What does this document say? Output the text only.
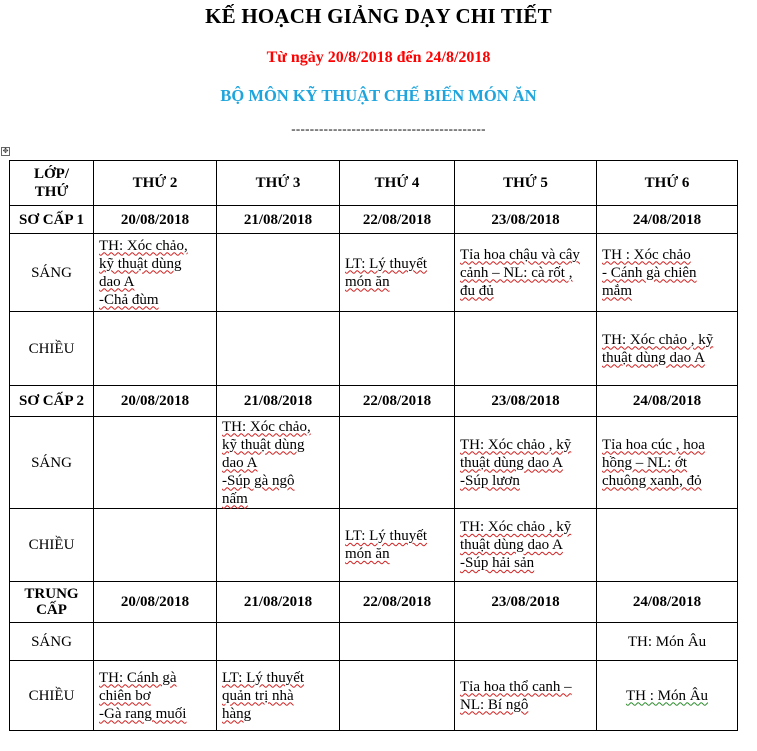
KẾ HOẠCH GIẢNG DẠY CHI TIẾT
Từ ngày 20/8/2018 đến 24/8/2018
BỘ MÔN KỸ THUẬT CHẾ BIẾN MÓN ĂN
------------------------------------------
✥
LỚP/
THỨ	THỨ 2	THỨ 3	THỨ 4	THỨ 5	THỨ 6
SƠ CẤP 1	20/08/2018	21/08/2018	22/08/2018	23/08/2018	24/08/2018
SÁNG	TH: Xóc chảo,
kỹ thuật dùng
dao A
-Chả đùm		LT: Lý thuyết
món ăn	Tỉa hoa chậu và cây
cảnh – NL: cà rốt ,
đu đủ	TH : Xóc chảo
- Cánh gà chiên
mắm

CHIỀU					TH: Xóc chảo , kỹ
thuật dùng dao A

SƠ CẤP 2	20/08/2018	21/08/2018	22/08/2018	23/08/2018	24/08/2018
SÁNG		TH: Xóc chảo,
kỹ thuật dùng
dao A
-Súp gà ngô
nấm		TH: Xóc chảo , kỹ
thuật dùng dao A
-Súp lươn	Tỉa hoa cúc , hoa
hồng – NL: ớt
chuông xanh, đỏ

CHIỀU			LT: Lý thuyết
món ăn	TH: Xóc chảo , kỹ
thuật dùng dao A
-Súp hải sản	

TRUNG
CẤP	20/08/2018	21/08/2018	22/08/2018	23/08/2018	24/08/2018
SÁNG					TH: Món Âu

CHIỀU	TH: Cánh gà
chiên bơ
-Gà rang muối	LT: Lý thuyết
quản trị nhà
hàng		Tỉa hoa thổ canh –
NL: Bí ngô	TH : Món Âu
